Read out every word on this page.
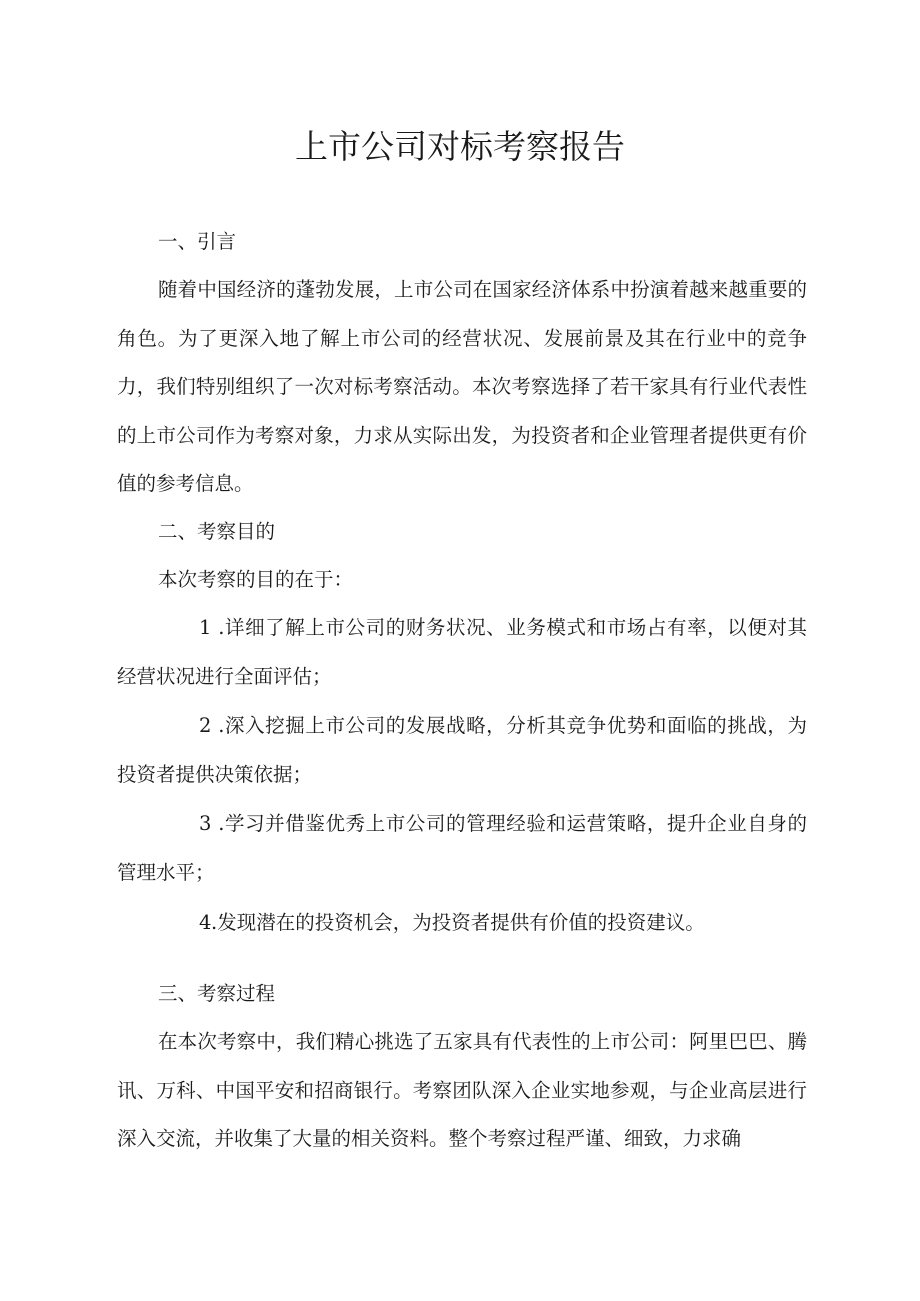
上市公司对标考察报告

一、引言

随着中国经济的蓬勃发展，上市公司在国家经济体系中扮演着越来越重要的角色。为了更深入地了解上市公司的经营状况、发展前景及其在行业中的竞争力，我们特别组织了一次对标考察活动。本次考察选择了若干家具有行业代表性的上市公司作为考察对象，力求从实际出发，为投资者和企业管理者提供更有价值的参考信息。

二、考察目的

本次考察的目的在于：

1 .详细了解上市公司的财务状况、业务模式和市场占有率，以便对其经营状况进行全面评估；

2 .深入挖掘上市公司的发展战略，分析其竞争优势和面临的挑战，为投资者提供决策依据；

3 .学习并借鉴优秀上市公司的管理经验和运营策略，提升企业自身的管理水平；

4.发现潜在的投资机会，为投资者提供有价值的投资建议。

三、考察过程

在本次考察中，我们精心挑选了五家具有代表性的上市公司：阿里巴巴、腾讯、万科、中国平安和招商银行。考察团队深入企业实地参观，与企业高层进行深入交流，并收集了大量的相关资料。整个考察过程严谨、细致，力求确
